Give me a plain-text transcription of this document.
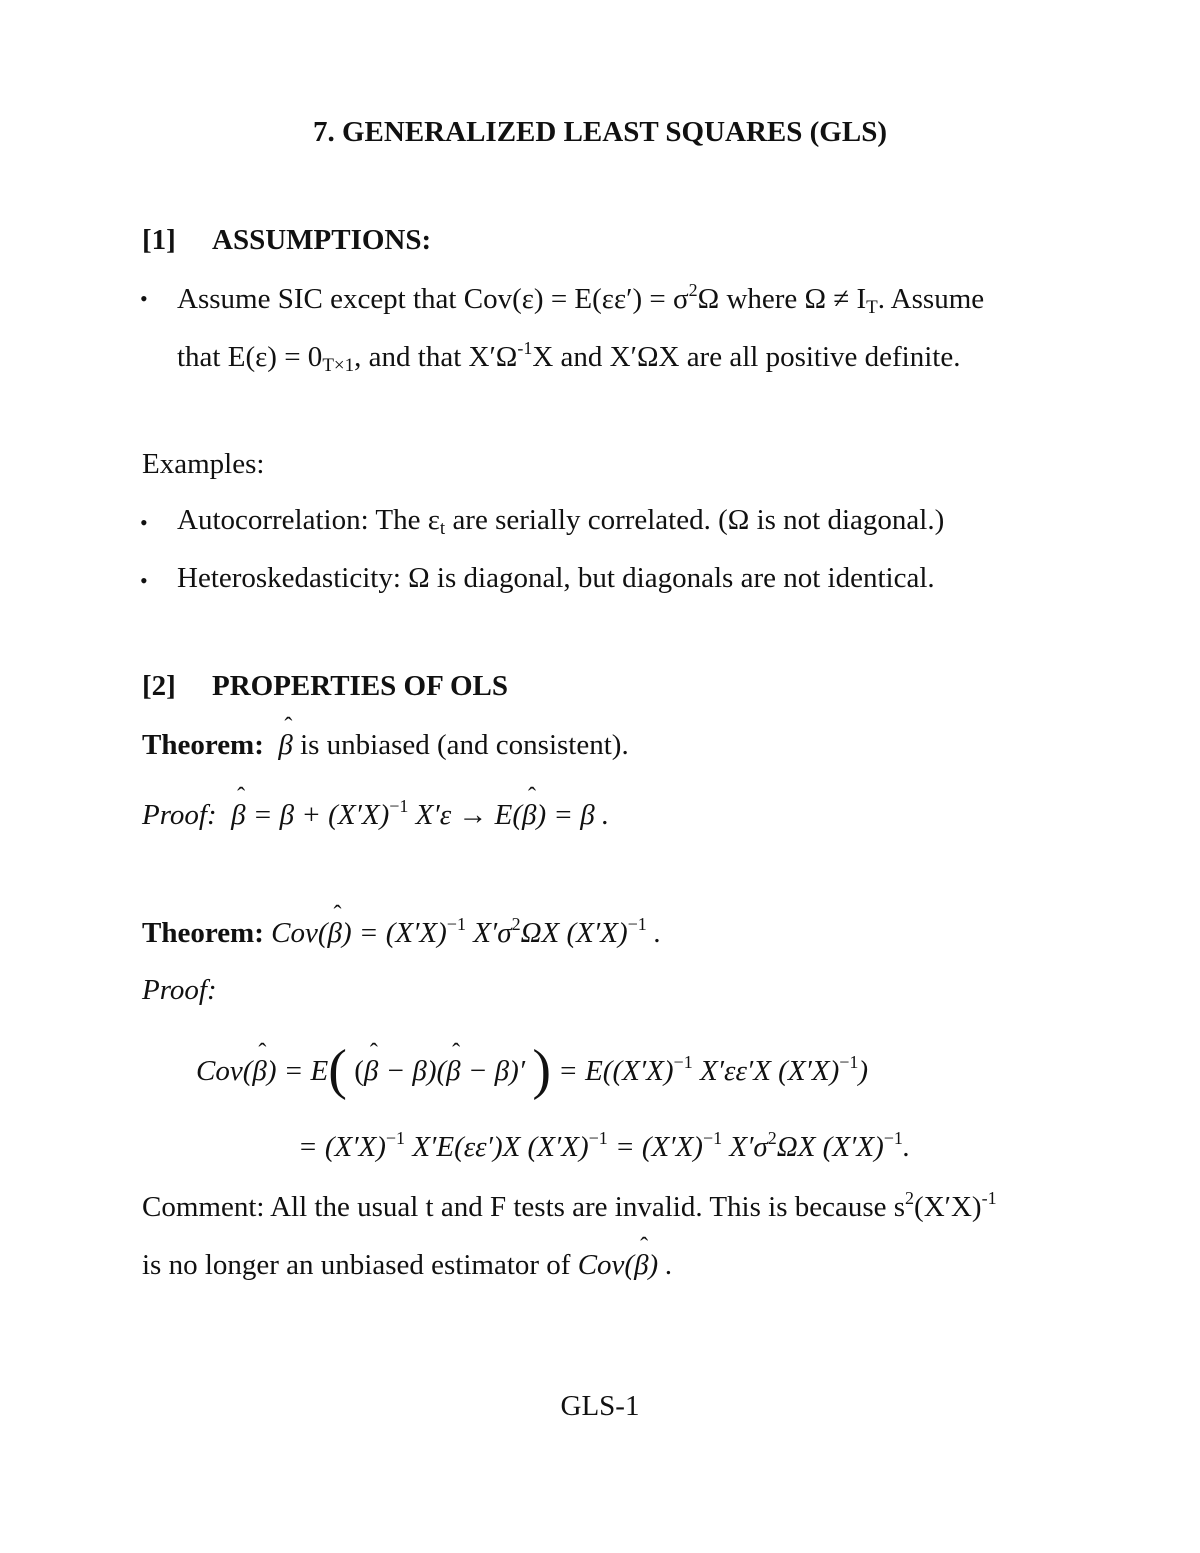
7. GENERALIZED LEAST SQUARES (GLS)
[1] ASSUMPTIONS:
• Assume SIC except that $Cov(\varepsilon) = E(\varepsilon\varepsilon') = \sigma^2\Omega$ where $\Omega \ne I_T$. Assume
that $E(\varepsilon) = 0_{T\times 1}$, and that $X'\Omega^{-1}X$ and X′ΩX are all positive definite.
Examples:
• Autocorrelation: The $\varepsilon_t$ are serially correlated. (Ω is not diagonal.)
• Heteroskedasticity: Ω is diagonal, but diagonals are not identical.
[2] PROPERTIES OF OLS
Theorem: ˆ β is unbiased (and consistent).
Proof: ˆ $\beta = \beta + (X'X)^{-1}$ X′ε → E(ˆ β) = β .
Theorem: Cov(ˆ $\beta) = (X'X)^{-1}$ $X'\sigma^2\Omega X$ $(X'X)^{-1}$ .
Proof:
Cov(ˆ β) = E( (ˆ β − β)(ˆ β − β)′ ) = $E((X'X)^{-1}$ X′εε′X $(X'X)^{-1}$)
= $(X'X)^{-1}$ X′E(εε′)X $(X'X)^{-1} = (X'X)^{-1}$ $X'\sigma^2\Omega X$ $(X'X)^{-1}$.
Comment: All the usual t and F tests are invalid. This is because $s^2(X'X)^{-1}$
is no longer an unbiased estimator of Cov(ˆ β) .
GLS-1
